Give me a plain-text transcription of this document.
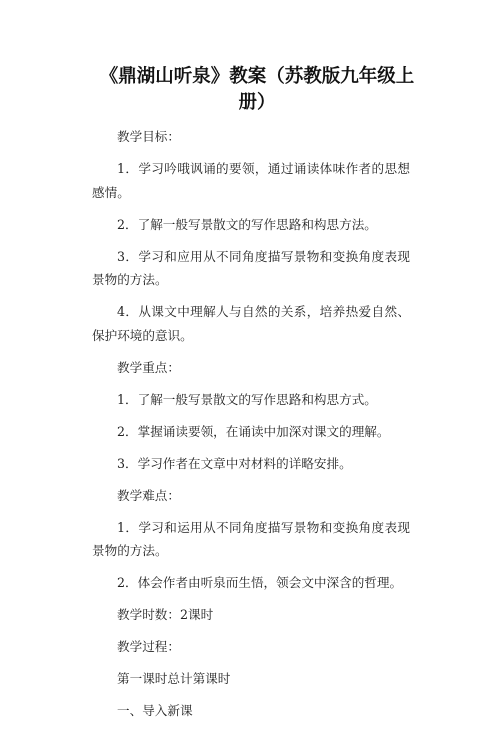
《鼎湖山听泉》教案（苏教版九年级上册）

教学目标：

1．学习吟哦讽诵的要领，通过诵读体味作者的思想感情。

2．了解一般写景散文的写作思路和构思方法。

3．学习和应用从不同角度描写景物和变换角度表现景物的方法。

4．从课文中理解人与自然的关系，培养热爱自然、保护环境的意识。

教学重点：

1．了解一般写景散文的写作思路和构思方式。

2．掌握诵读要领，在诵读中加深对课文的理解。

3．学习作者在文章中对材料的详略安排。

教学难点：

1．学习和运用从不同角度描写景物和变换角度表现景物的方法。

2．体会作者由听泉而生悟，领会文中深含的哲理。

教学时数：2课时

教学过程：

第一课时总计第课时

一、导入新课
